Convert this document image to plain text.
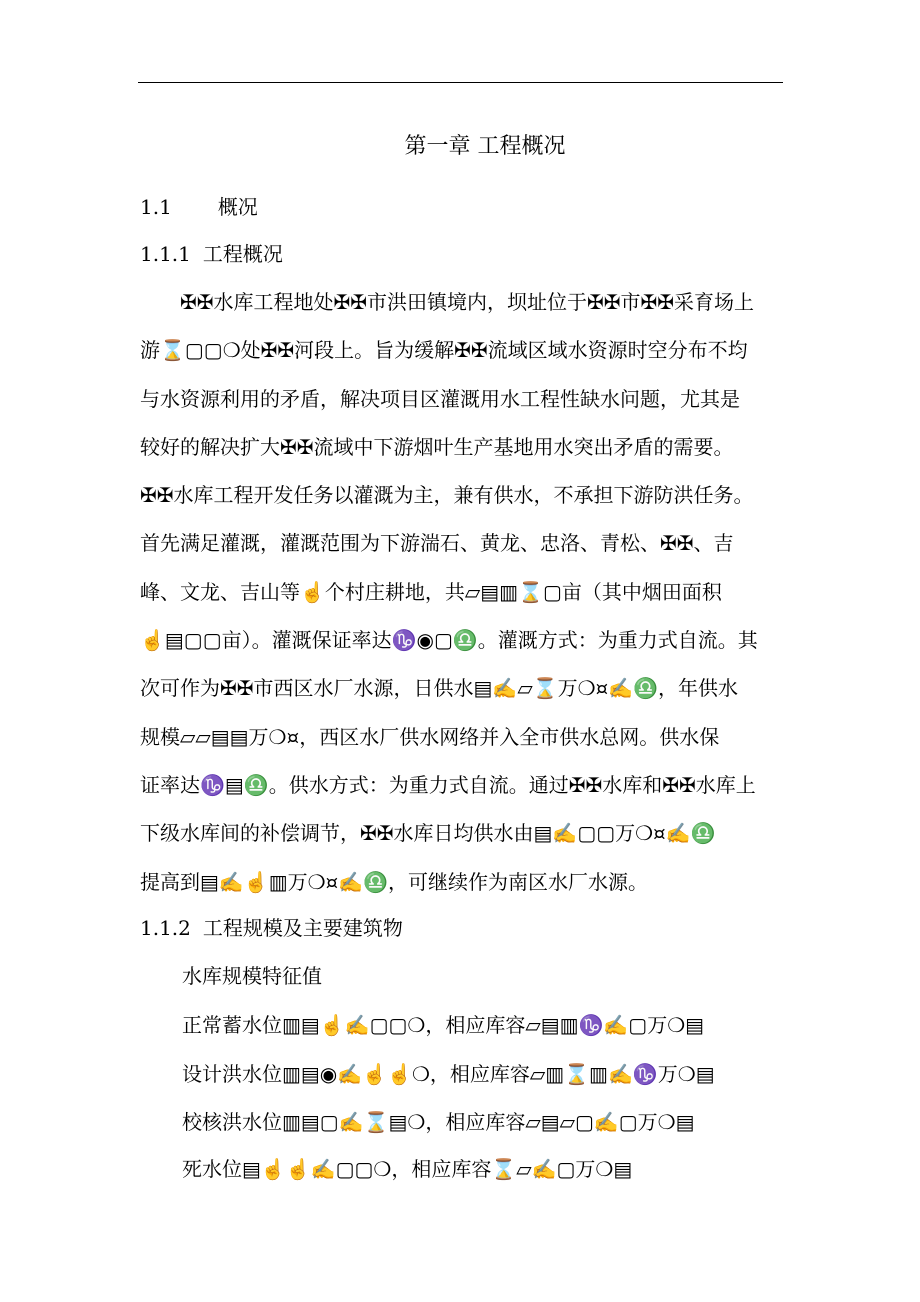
第一章 工程概况
1.1 概况
1.1.1 工程概况
　　✠✠水库工程地处✠✠市洪田镇境内，坝址位于✠✠市✠✠采育场上
游⌛▢▢❍处✠✠河段上。旨为缓解✠✠流域区域水资源时空分布不均
与水资源利用的矛盾，解决项目区灌溉用水工程性缺水问题，尤其是
较好的解决扩大✠✠流域中下游烟叶生产基地用水突出矛盾的需要。
✠✠水库工程开发任务以灌溉为主，兼有供水，不承担下游防洪任务。
首先满足灌溉，灌溉范围为下游湍石、黄龙、忠洛、青松、✠✠、吉
峰、文龙、吉山等☝个村庄耕地，共▱▤▥⌛▢亩（其中烟田面积
☝▤▢▢亩）。灌溉保证率达♑◉▢♎。灌溉方式：为重力式自流。其
次可作为✠✠市西区水厂水源，日供水▤✍▱⌛万❍¤✍♎，年供水
规模▱▱▤▤万❍¤，西区水厂供水网络并入全市供水总网。供水保
证率达♑▤♎。供水方式：为重力式自流。通过✠✠水库和✠✠水库上
下级水库间的补偿调节，✠✠水库日均供水由▤✍▢▢万❍¤✍♎
提高到▤✍☝▥万❍¤✍♎，可继续作为南区水厂水源。
1.1.2 工程规模及主要建筑物
水库规模特征值
正常蓄水位▥▤☝✍▢▢❍，相应库容▱▤▥♑✍▢万❍▤
设计洪水位▥▤◉✍☝☝❍，相应库容▱▥⌛▥✍♑万❍▤
校核洪水位▥▤▢✍⌛▤❍，相应库容▱▤▱▢✍▢万❍▤
死水位▤☝☝✍▢▢❍，相应库容⌛▱✍▢万❍▤
